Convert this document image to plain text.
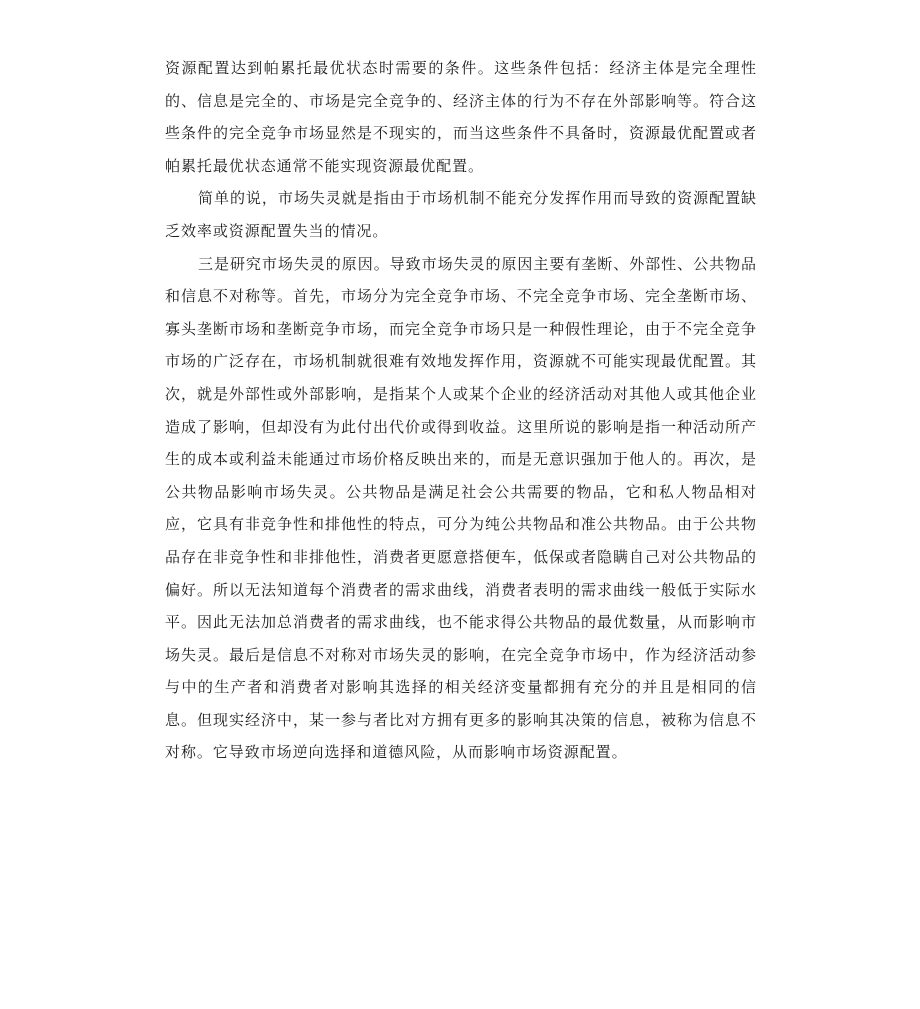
资源配置达到帕累托最优状态时需要的条件。这些条件包括：经济主体是完全理性的、信息是完全的、市场是完全竞争的、经济主体的行为不存在外部影响等。符合这些条件的完全竞争市场显然是不现实的，而当这些条件不具备时，资源最优配置或者帕累托最优状态通常不能实现资源最优配置。

简单的说，市场失灵就是指由于市场机制不能充分发挥作用而导致的资源配置缺乏效率或资源配置失当的情况。

三是研究市场失灵的原因。导致市场失灵的原因主要有垄断、外部性、公共物品和信息不对称等。首先，市场分为完全竞争市场、不完全竞争市场、完全垄断市场、寡头垄断市场和垄断竞争市场，而完全竞争市场只是一种假性理论，由于不完全竞争市场的广泛存在，市场机制就很难有效地发挥作用，资源就不可能实现最优配置。其次，就是外部性或外部影响，是指某个人或某个企业的经济活动对其他人或其他企业造成了影响，但却没有为此付出代价或得到收益。这里所说的影响是指一种活动所产生的成本或利益未能通过市场价格反映出来的，而是无意识强加于他人的。再次，是公共物品影响市场失灵。公共物品是满足社会公共需要的物品，它和私人物品相对应，它具有非竞争性和排他性的特点，可分为纯公共物品和准公共物品。由于公共物品存在非竞争性和非排他性，消费者更愿意搭便车，低保或者隐瞒自己对公共物品的偏好。所以无法知道每个消费者的需求曲线，消费者表明的需求曲线一般低于实际水平。因此无法加总消费者的需求曲线，也不能求得公共物品的最优数量，从而影响市场失灵。最后是信息不对称对市场失灵的影响，在完全竞争市场中，作为经济活动参与中的生产者和消费者对影响其选择的相关经济变量都拥有充分的并且是相同的信息。但现实经济中，某一参与者比对方拥有更多的影响其决策的信息，被称为信息不对称。它导致市场逆向选择和道德风险，从而影响市场资源配置。
